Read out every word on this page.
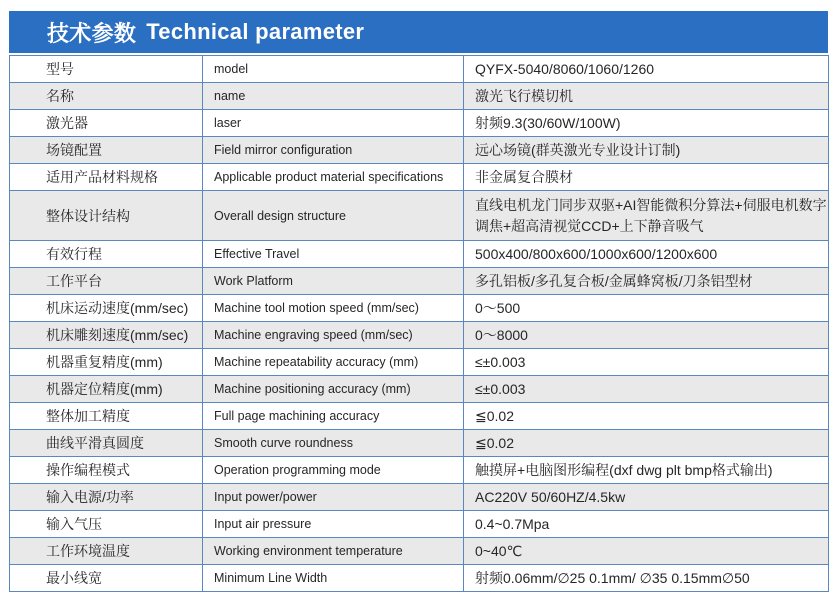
技术参数 Technical parameter
型号	model	QYFX-5040/8060/1060/1260
名称	name	激光飞行模切机
激光器	laser	射频9.3(30/60W/100W)
场镜配置	Field mirror configuration	远心场镜(群英激光专业设计订制)
适用产品材料规格	Applicable product material specifications	非金属复合膜材
整体设计结构	Overall design structure	直线电机龙门同步双驱+AI智能微积分算法+伺服电机数字调焦+超高清视觉CCD+上下静音吸气
有效行程	Effective Travel	500x400/800x600/1000x600/1200x600
工作平台	Work Platform	多孔铝板/多孔复合板/金属蜂窝板/刀条铝型材
机床运动速度(mm/sec)	Machine tool motion speed (mm/sec)	0～500
机床雕刻速度(mm/sec)	Machine engraving speed (mm/sec)	0～8000
机器重复精度(mm)	Machine repeatability accuracy (mm)	≤±0.003
机器定位精度(mm)	Machine positioning accuracy (mm)	≤±0.003
整体加工精度	Full page machining accuracy	≦0.02
曲线平滑真圆度	Smooth curve roundness	≦0.02
操作编程模式	Operation programming mode	触摸屏+电脑图形编程(dxf dwg plt bmp格式输出)
输入电源/功率	Input power/power	AC220V 50/60HZ/4.5kw
输入气压	Input air pressure	0.4~0.7Mpa
工作环境温度	Working environment temperature	0~40℃
最小线宽	Minimum Line Width	射频0.06mm/∅25 0.1mm/ ∅35 0.15mm∅50
